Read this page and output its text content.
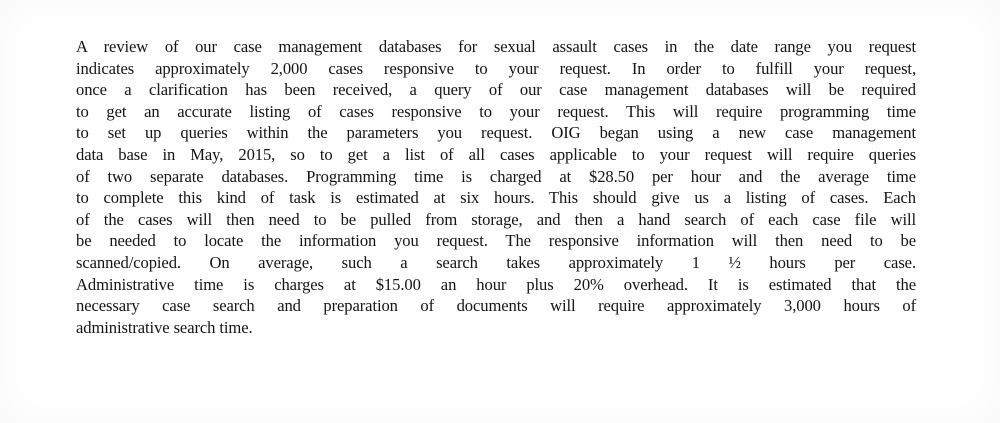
A review of our case management databases for sexual assault cases in the date range you request
indicates approximately 2,000 cases responsive to your request. In order to fulfill your request,
once a clarification has been received, a query of our case management databases will be required
to get an accurate listing of cases responsive to your request. This will require programming time
to set up queries within the parameters you request. OIG began using a new case management
data base in May, 2015, so to get a list of all cases applicable to your request will require queries
of two separate databases. Programming time is charged at $28.50 per hour and the average time
to complete this kind of task is estimated at six hours. This should give us a listing of cases. Each
of the cases will then need to be pulled from storage, and then a hand search of each case file will
be needed to locate the information you request. The responsive information will then need to be
scanned/copied. On average, such a search takes approximately 1 ½ hours per case.
Administrative time is charges at $15.00 an hour plus 20% overhead. It is estimated that the
necessary case search and preparation of documents will require approximately 3,000 hours of
administrative search time.
